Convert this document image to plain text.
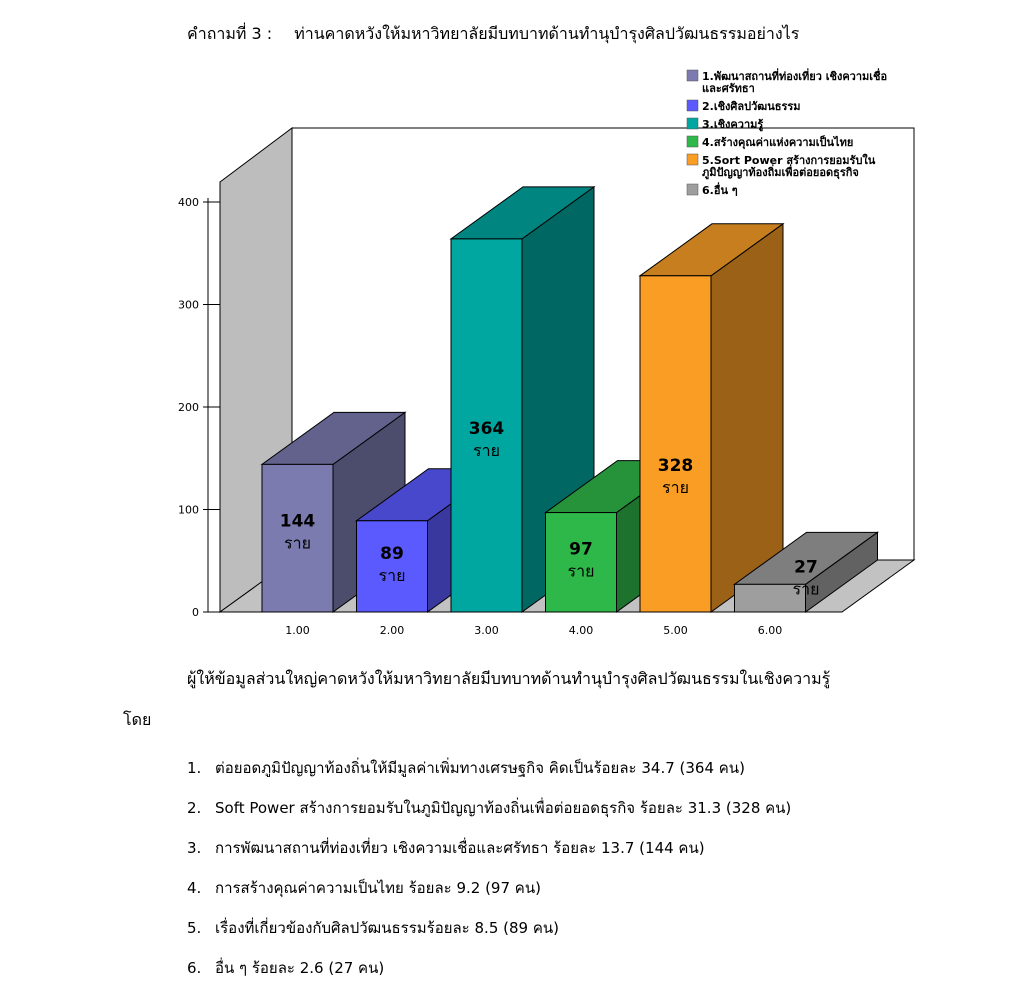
คำถามที่ 3 : ท่านคาดหวังให้มหาวิทยาลัยมีบทบาทด้านทำนุบำรุงศิลปวัฒนธรรมอย่างไร
0
100
200
300
400
144
ราย
1.00
89
ราย
2.00
364
ราย
3.00
97
ราย
4.00
328
ราย
5.00
27
ราย
6.00
1.พัฒนาสถานที่ท่องเที่ยว เชิงความเชื่อ
และศรัทธา
2.เชิงศิลปวัฒนธรรม
3.เชิงความรู้
4.สร้างคุณค่าแห่งความเป็นไทย
5.Sort Power สร้างการยอมรับใน
ภูมิปัญญาท้องถิ่มเพื่อต่อยอดธุรกิจ
6.อื่น ๆ
ผู้ให้ข้อมูลส่วนใหญ่คาดหวังให้มหาวิทยาลัยมีบทบาทด้านทำนุบำรุงศิลปวัฒนธรรมในเชิงความรู้
โดย
1. ต่อยอดภูมิปัญญาท้องถิ่นให้มีมูลค่าเพิ่มทางเศรษฐกิจ คิดเป็นร้อยละ 34.7 (364 คน)
2. Soft Power สร้างการยอมรับในภูมิปัญญาท้องถิ่นเพื่อต่อยอดธุรกิจ ร้อยละ 31.3 (328 คน)
3. การพัฒนาสถานที่ท่องเที่ยว เชิงความเชื่อและศรัทธา ร้อยละ 13.7 (144 คน)
4. การสร้างคุณค่าความเป็นไทย ร้อยละ 9.2 (97 คน)
5. เรื่องที่เกี่ยวข้องกับศิลปวัฒนธรรมร้อยละ 8.5 (89 คน)
6. อื่น ๆ ร้อยละ 2.6 (27 คน)
